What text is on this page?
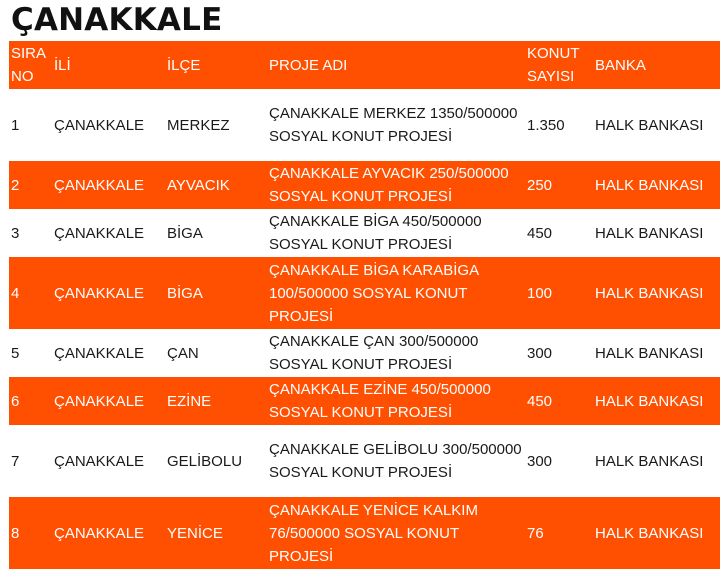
ÇANAKKALE
SIRA NO	İLİ	İLÇE	PROJE ADI	KONUT SAYISI	BANKA
1	ÇANAKKALE	MERKEZ	ÇANAKKALE MERKEZ 1350/500000 SOSYAL KONUT PROJESİ	1.350	HALK BANKASI
2	ÇANAKKALE	AYVACIK	ÇANAKKALE AYVACIK 250/500000 SOSYAL KONUT PROJESİ	250	HALK BANKASI
3	ÇANAKKALE	BİGA	ÇANAKKALE BİGA 450/500000 SOSYAL KONUT PROJESİ	450	HALK BANKASI
4	ÇANAKKALE	BİGA	ÇANAKKALE BİGA KARABİGA 100/500000 SOSYAL KONUT PROJESİ	100	HALK BANKASI
5	ÇANAKKALE	ÇAN	ÇANAKKALE ÇAN 300/500000 SOSYAL KONUT PROJESİ	300	HALK BANKASI
6	ÇANAKKALE	EZİNE	ÇANAKKALE EZİNE 450/500000 SOSYAL KONUT PROJESİ	450	HALK BANKASI
7	ÇANAKKALE	GELİBOLU	ÇANAKKALE GELİBOLU 300/500000 SOSYAL KONUT PROJESİ	300	HALK BANKASI
8	ÇANAKKALE	YENİCE	ÇANAKKALE YENİCE KALKIM 76/500000 SOSYAL KONUT PROJESİ	76	HALK BANKASI
